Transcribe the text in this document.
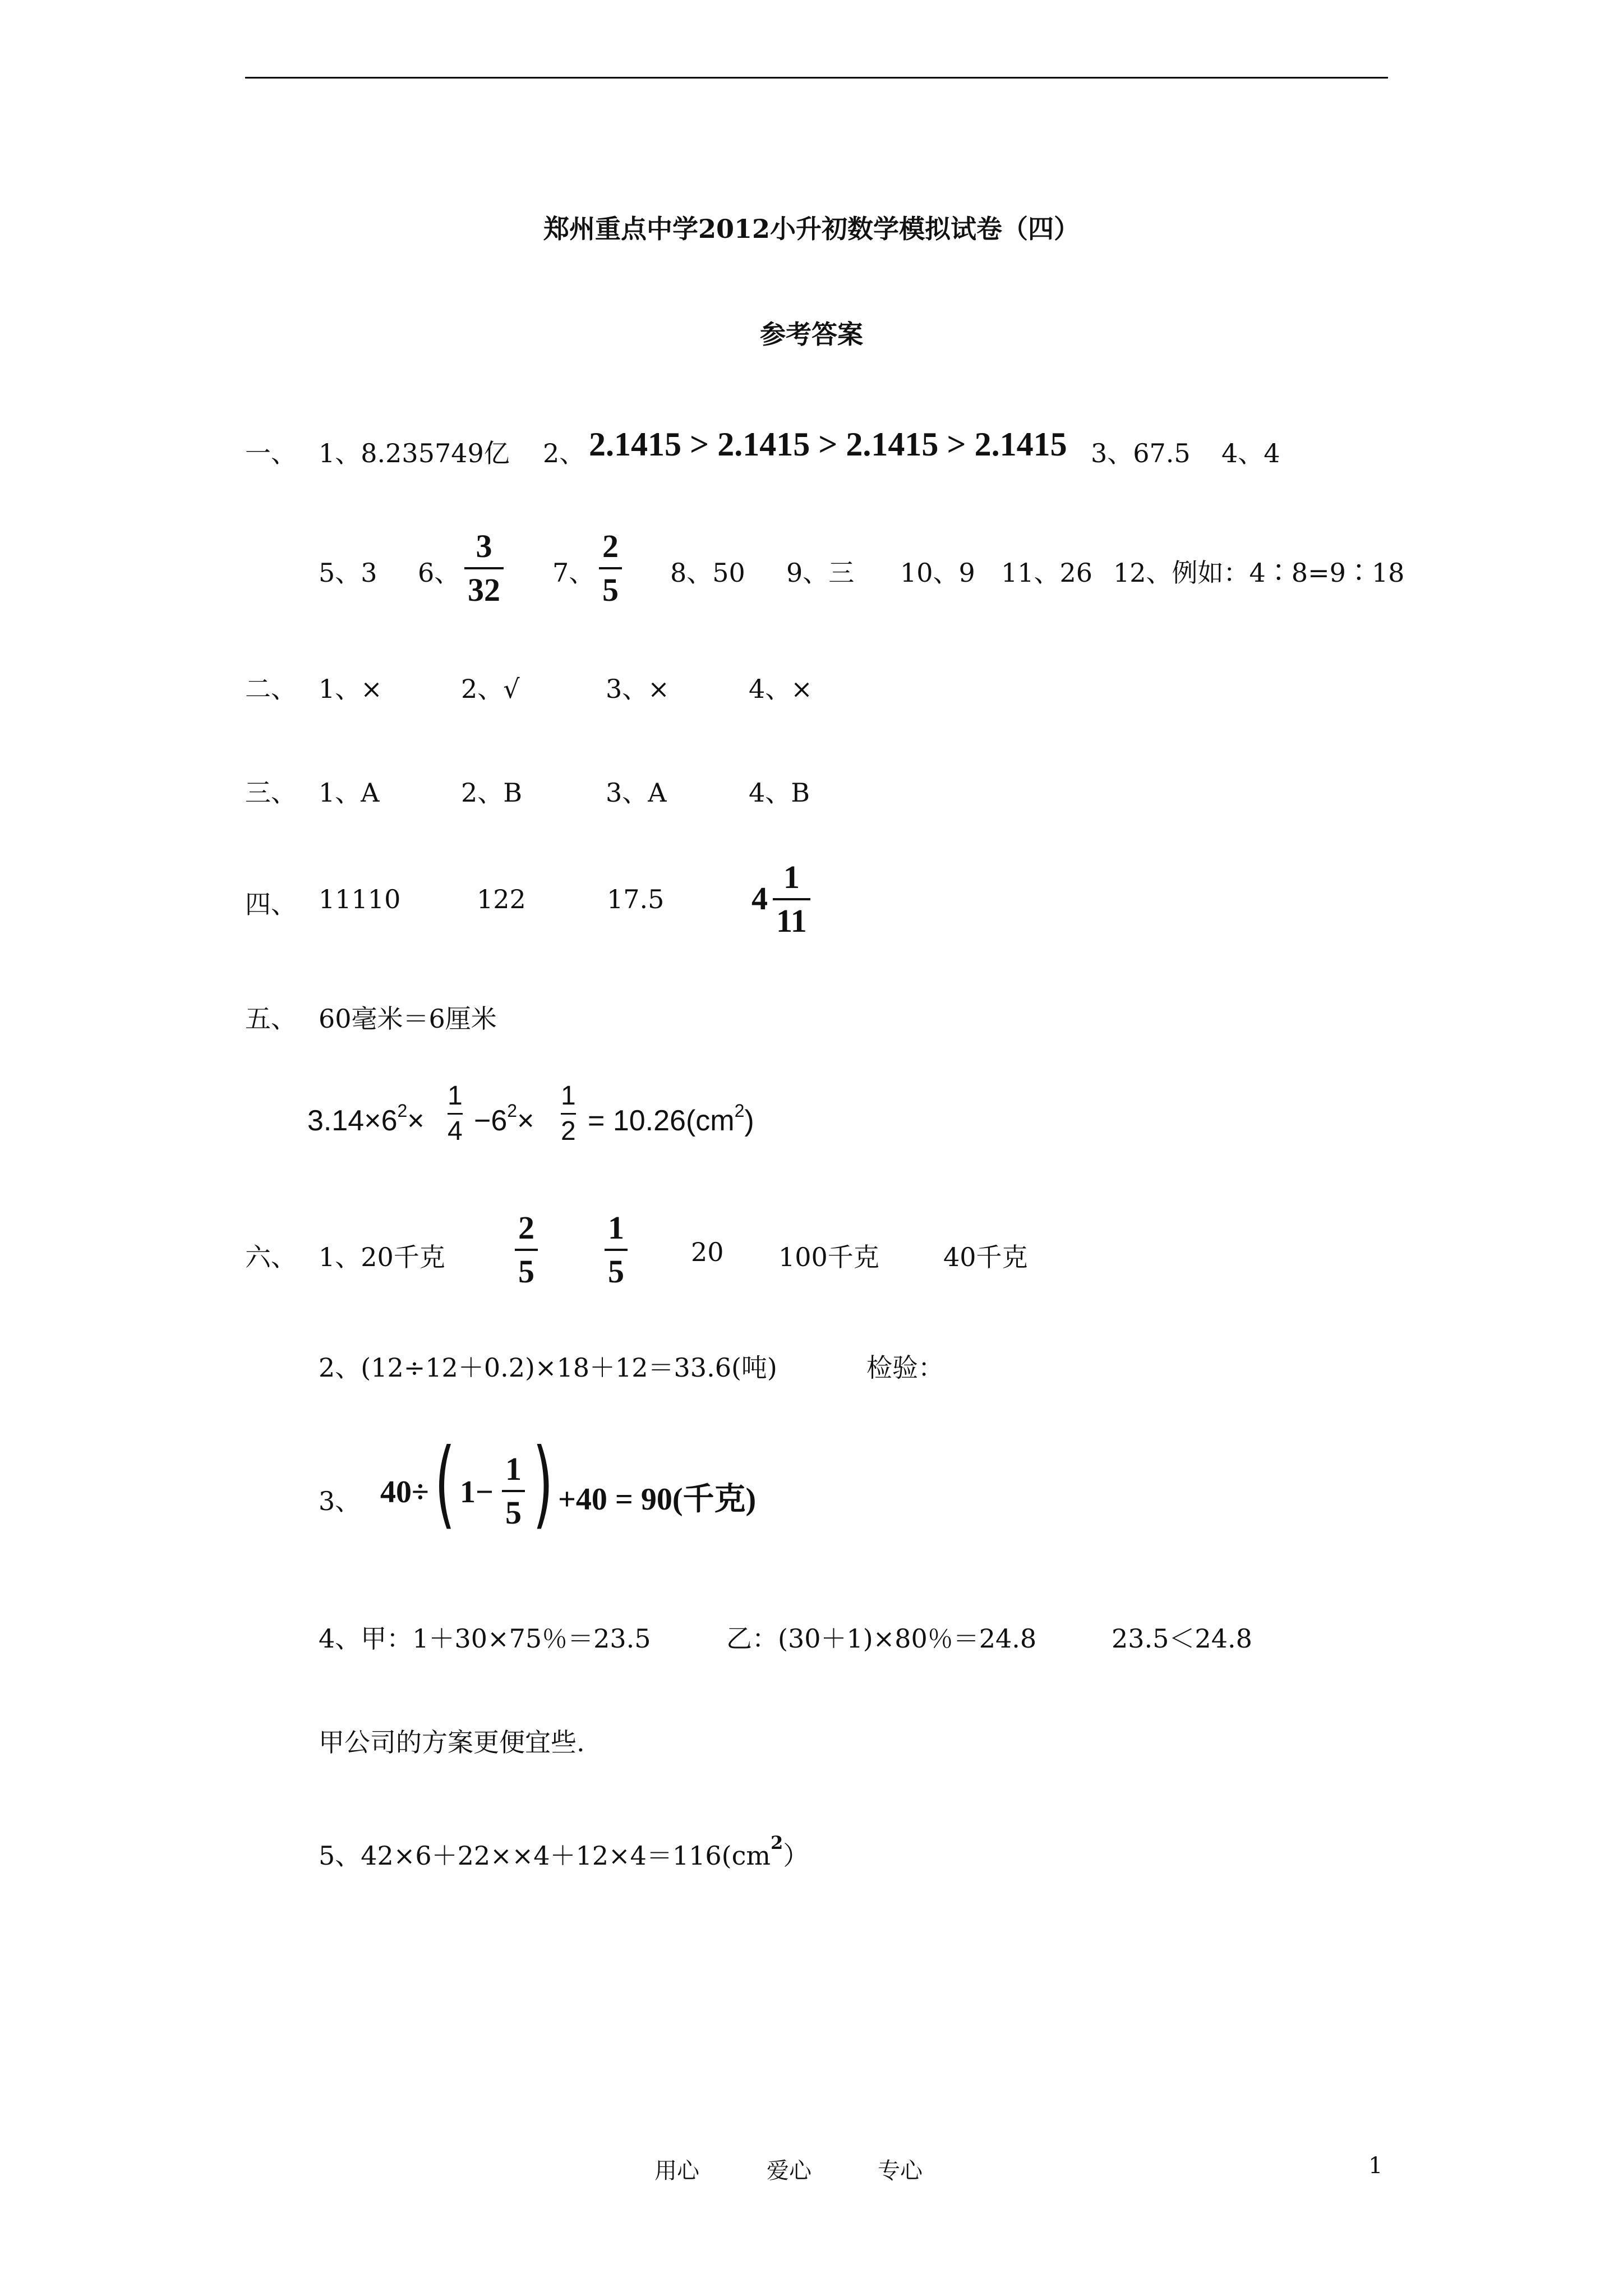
郑州重点中学2012小升初数学模拟试卷（四）
参考答案
一、 1、8.235749亿 2、 2.1415 > 2.1415 > 2.1415 > 2.1415 3、67.5 4、4
5、3 6、
3
32 7、
2
5 8、50 9、三 10、9 11、26 12、例如：4∶8=9∶18
二、 1、×	2、√	3、×	4、×
三、 1、A	2、B	3、A	4、B
四、 11110	122	17.5	4
1
11
五、 60毫米＝6厘米
$3.14\times 6^2\times$
1
$4 -6^2\times$
1
$2 = 10.26(cm^2)$
六、 1、20千克
2
5
1
5
20 100千克 40千克
2、(12÷12＋0.2)×18＋12＝33.6(吨)	检验：
3、 40÷ ( 1−
1
5 ) +40 = 90(千克)
4、甲：1＋30×75％＝23.5	乙：(30＋1)×80％＝24.8	23.5＜24.8
甲公司的方案更便宜些.
5、$42\times 6+22\times\times 4+12\times 4=116(cm^2)$
用心	爱心	专心	1
